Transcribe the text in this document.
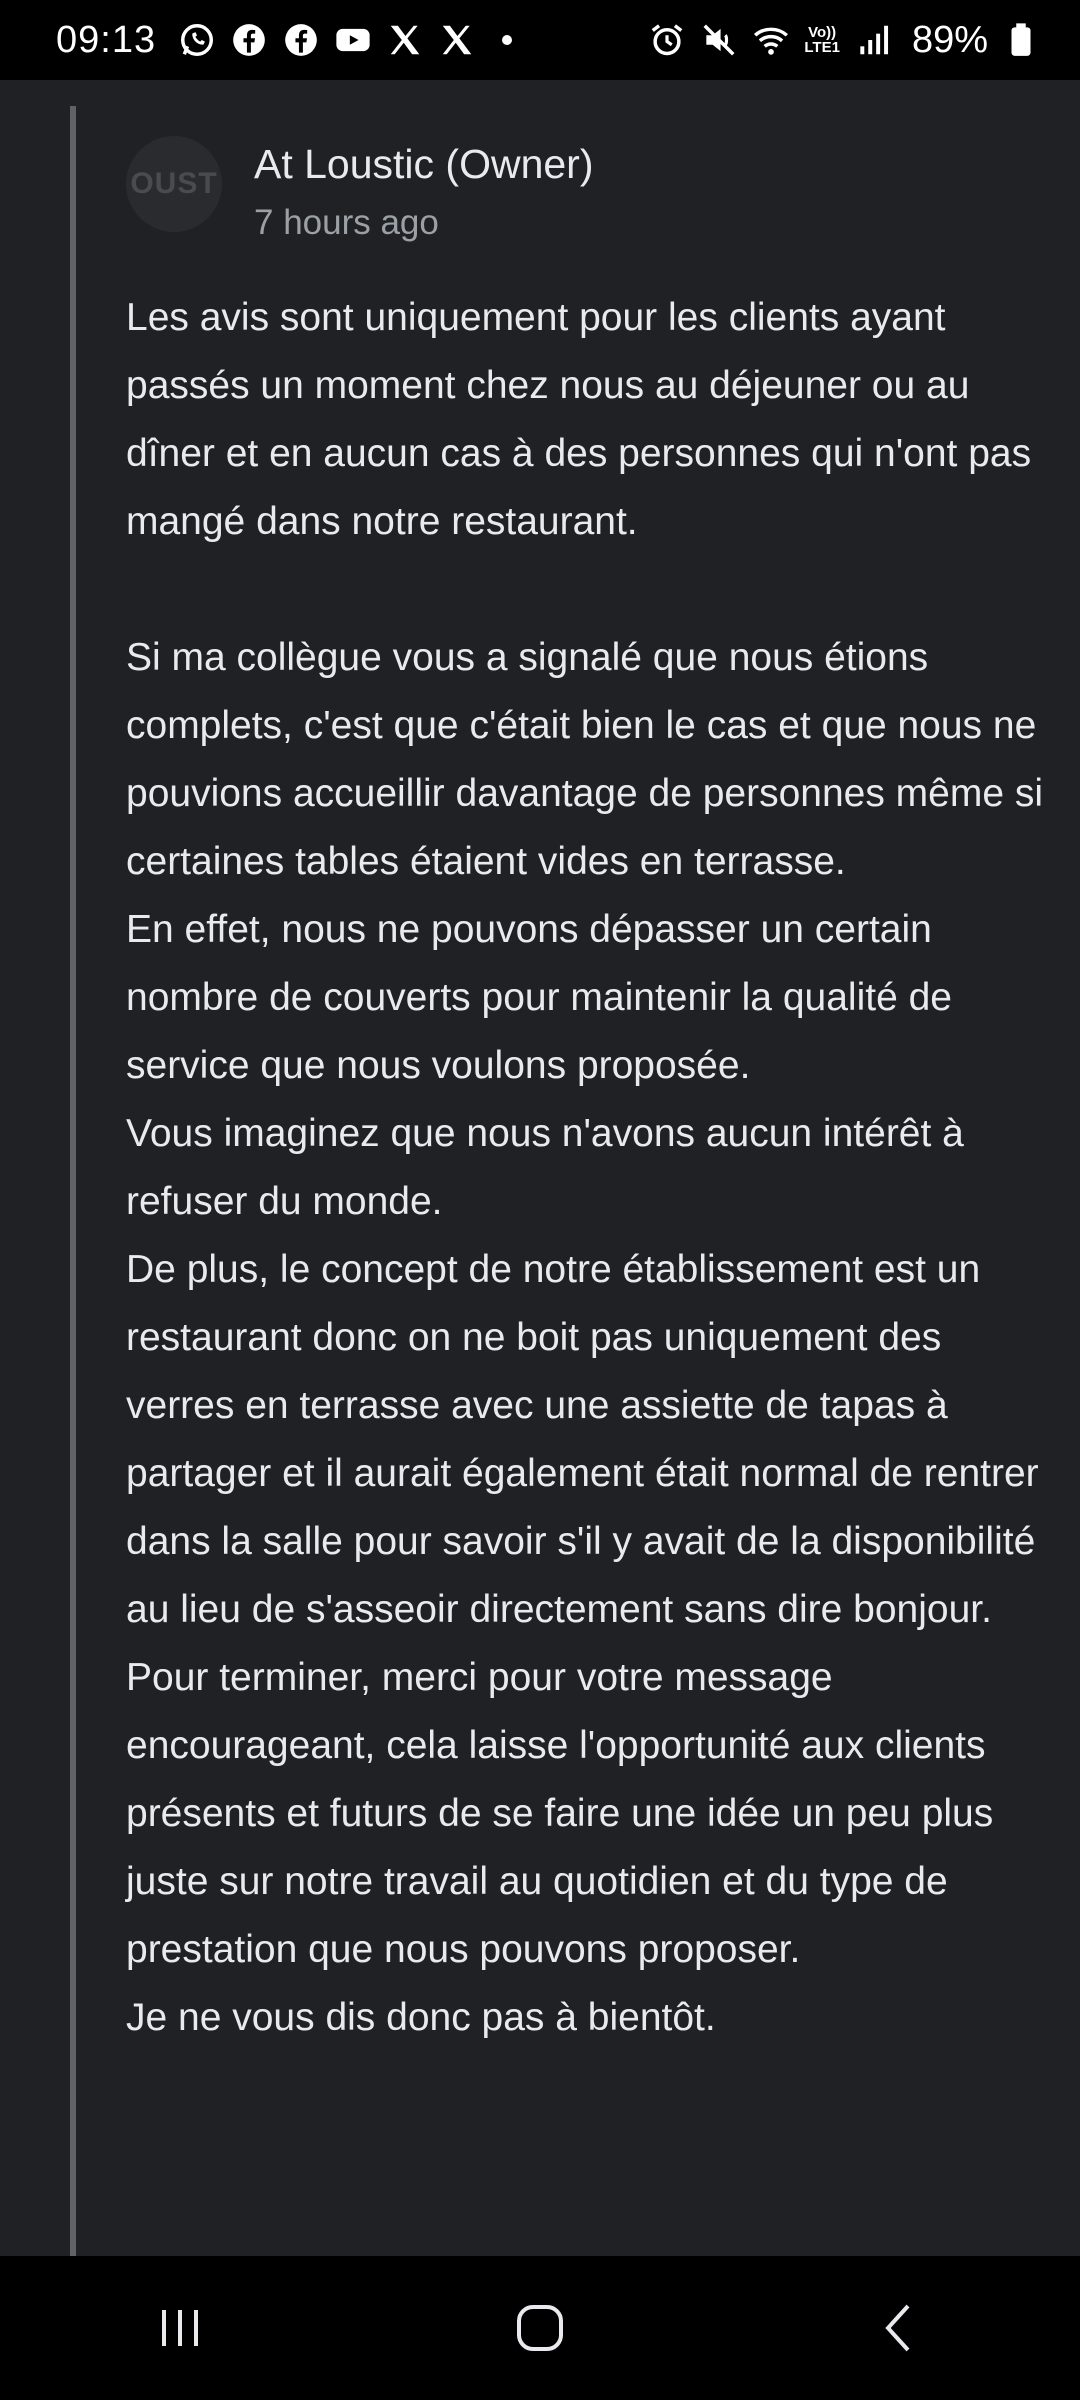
09:13	Vo))
LTE1 89%
OUST At Loustic (Owner)
7 hours ago

Les avis sont uniquement pour les clients ayant passés un moment chez nous au déjeuner ou au dîner et en aucun cas à des personnes qui n'ont pas mangé dans notre restaurant.

Si ma collègue vous a signalé que nous étions complets, c'est que c'était bien le cas et que nous ne pouvions accueillir davantage de personnes même si certaines tables étaient vides en terrasse.

En effet, nous ne pouvons dépasser un certain nombre de couverts pour maintenir la qualité de service que nous voulons proposée.

Vous imaginez que nous n'avons aucun intérêt à refuser du monde.

De plus, le concept de notre établissement est un restaurant donc on ne boit pas uniquement des verres en terrasse avec une assiette de tapas à partager et il aurait également était normal de rentrer dans la salle pour savoir s'il y avait de la disponibilité au lieu de s'asseoir directement sans dire bonjour.

Pour terminer, merci pour votre message encourageant, cela laisse l'opportunité aux clients présents et futurs de se faire une idée un peu plus juste sur notre travail au quotidien et du type de prestation que nous pouvons proposer.

Je ne vous dis donc pas à bientôt.
